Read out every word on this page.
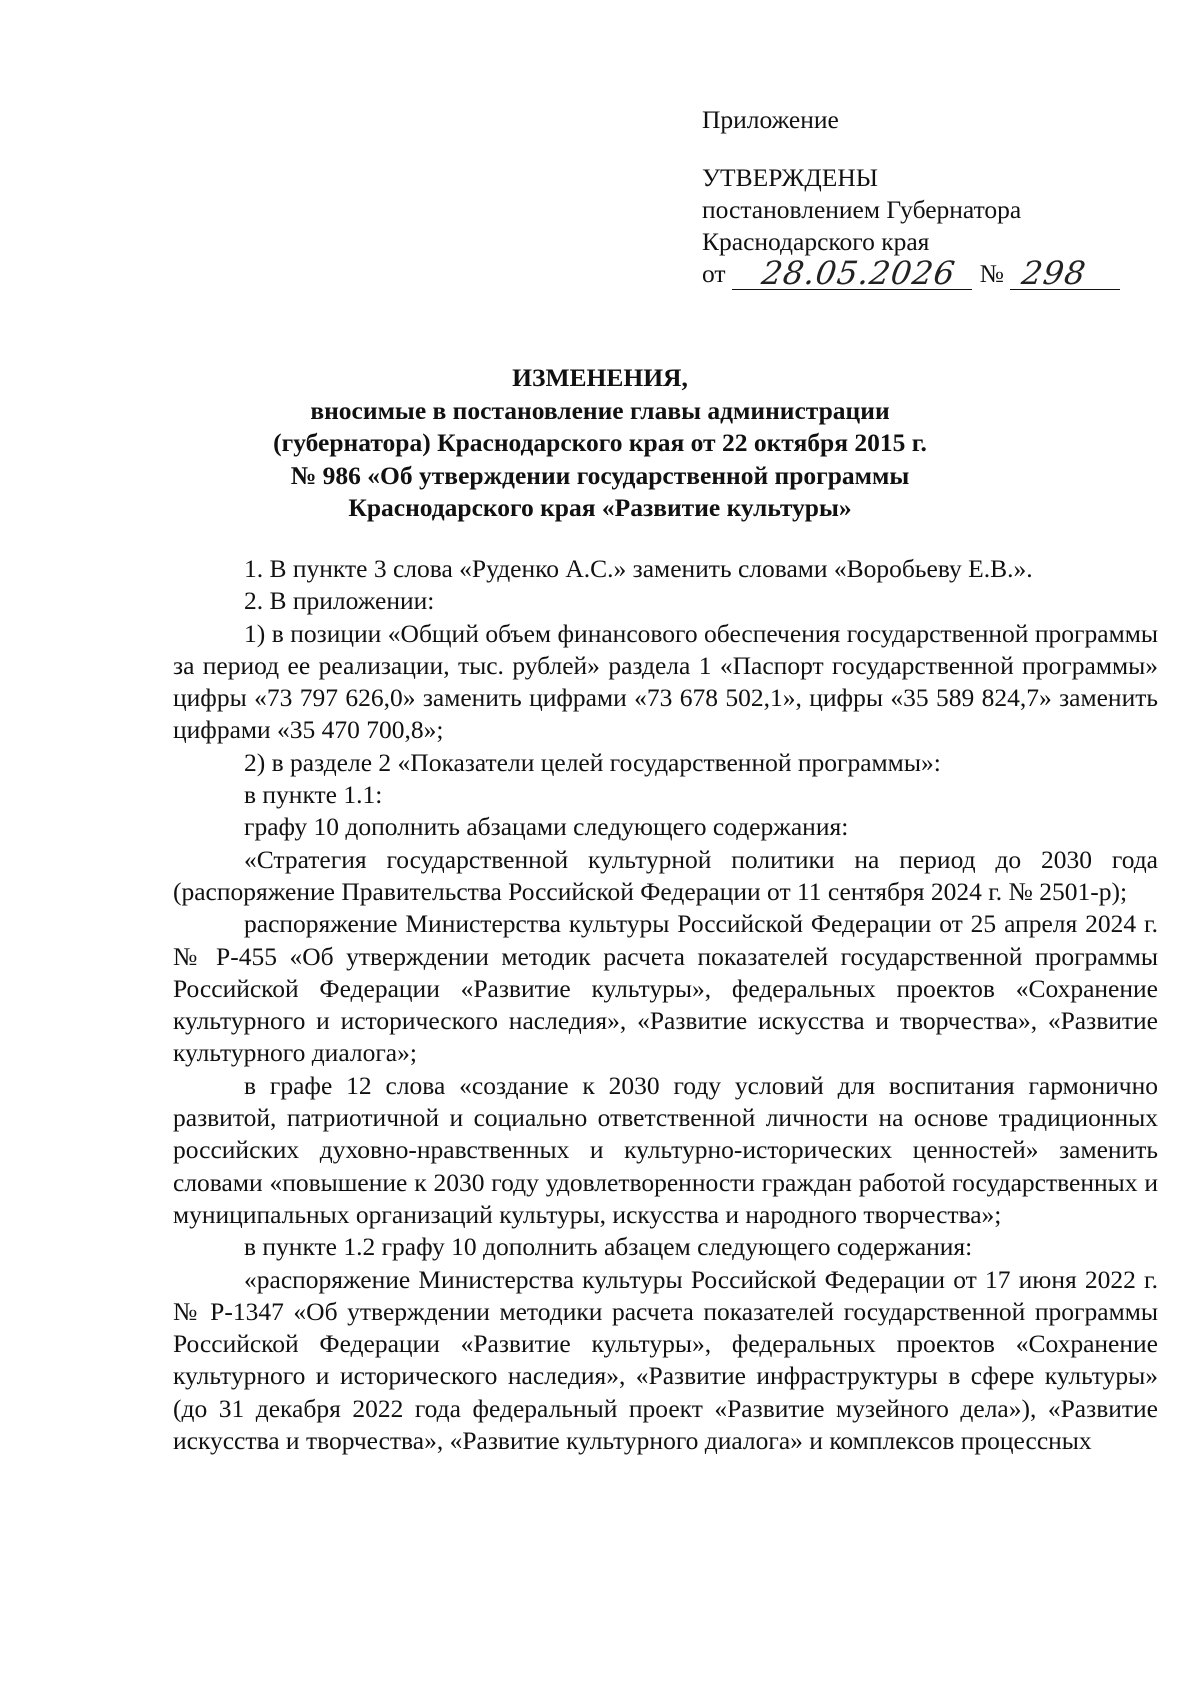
Приложение

УТВЕРЖДЕНЫ

постановлением Губернатора

Краснодарского края

от 28.05.2026 № 298

ИЗМЕНЕНИЯ,

вносимые в постановление главы администрации

(губернатора) Краснодарского края от 22 октября 2015 г.

№ 986 «Об утверждении государственной программы

Краснодарского края «Развитие культуры»

1. В пункте 3 слова «Руденко А.С.» заменить словами «Воробьеву Е.В.».

2. В приложении:

1) в позиции «Общий объем финансового обеспечения государственной программы за период ее реализации, тыс. рублей» раздела 1 «Паспорт государственной программы» цифры «73 797 626,0» заменить цифрами «73 678 502,1», цифры «35 589 824,7» заменить цифрами «35 470 700,8»;

2) в разделе 2 «Показатели целей государственной программы»:

в пункте 1.1:

графу 10 дополнить абзацами следующего содержания:

«Стратегия государственной культурной политики на период до 2030 года (распоряжение Правительства Российской Федерации от 11 сентября 2024 г. № 2501-р);

распоряжение Министерства культуры Российской Федерации от 25 апреля 2024 г. № Р-455 «Об утверждении методик расчета показателей государственной программы Российской Федерации «Развитие культуры», федеральных проектов «Сохранение культурного и исторического наследия», «Развитие искусства и творчества», «Развитие культурного диалога»;

в графе 12 слова «создание к 2030 году условий для воспитания гармонично развитой, патриотичной и социально ответственной личности на основе традиционных российских духовно-нравственных и культурно-исторических ценностей» заменить словами «повышение к 2030 году удовлетворенности граждан работой государственных и муниципальных организаций культуры, искусства и народного творчества»;

в пункте 1.2 графу 10 дополнить абзацем следующего содержания:

«распоряжение Министерства культуры Российской Федерации от 17 июня 2022 г. № Р-1347 «Об утверждении методики расчета показателей государственной программы Российской Федерации «Развитие культуры», федеральных проектов «Сохранение культурного и исторического наследия», «Развитие инфраструктуры в сфере культуры» (до 31 декабря 2022 года федеральный проект «Развитие музейного дела»), «Развитие искусства и творчества», «Развитие культурного диалога» и комплексов процессных
